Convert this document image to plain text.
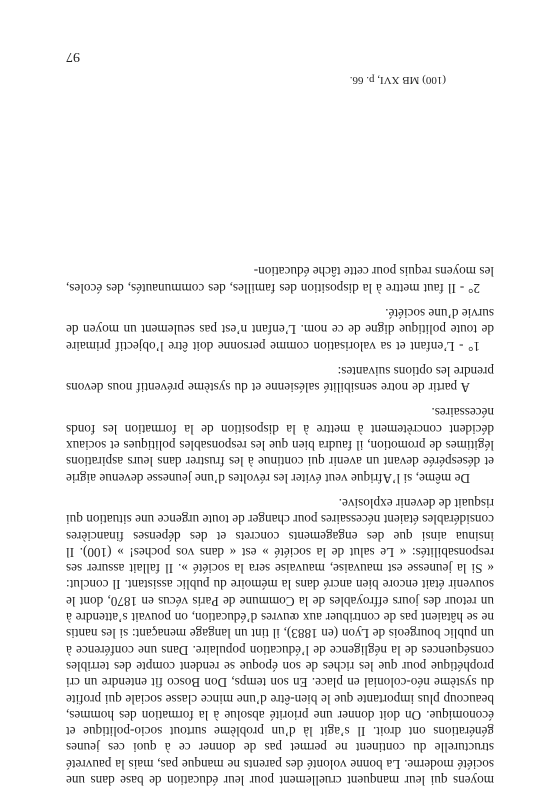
moyens qui leur manquent cruellement pour leur éducation de base dans une société moderne. La bonne volonté des parents ne manque pas, mais la pauvreté structurelle du continent ne permet pas de donner ce à quoi ces jeunes générations ont droit. Il s’agit là d’un problème surtout socio-politique et économique. On doit donner une priorité absolue à la formation des hommes, beaucoup plus importante que le bien-être d’une mince classe sociale qui profite du système néo-colonial en place. En son temps, Don Bosco fit entendre un cri prophétique pour que les riches de son époque se rendent compte des terribles conséquences de la négligence de l’éducation populaire. Dans une conférence à un public bourgeois de Lyon (en 1883), il tint un langage menaçant: si les nantis ne se hâtaient pas de contribuer aux œuvres d’éducation, on pouvait s’attendre à un retour des jours effroyables de la Commune de Paris vécus en 1870, dont le souvenir était encore bien ancré dans la mémoire du public assistant. Il conclut: « Si la jeunesse est mauvaise, mauvaise sera la société ». Il fallait assurer ses responsabilités: « Le salut de la société » est « dans vos poches! » (100). Il insinua ainsi que des engagements concrets et des dépenses financières considérables étaient nécessaires pour changer de toute urgence une situation qui risquait de devenir explosive.

De même, si l’Afrique veut éviter les révoltes d’une jeunesse devenue aigrie et désespérée devant un avenir qui continue à les frustrer dans leurs aspirations légitimes de promotion, il faudra bien que les responsables politiques et sociaux décident concrètement à mettre à la disposition de la formation les fonds nécessaires.

A partir de notre sensibilité salésienne et du système préventif nous devons prendre les options suivantes:

1° - L’enfant et sa valorisation comme personne doit être l’objectif primaire de toute politique digne de ce nom. L’enfant n’est pas seulement un moyen de survie d’une société.

2° - Il faut mettre à la disposition des familles, des communautés, des écoles, les moyens requis pour cette tâche éducation-

(100) MB XVI, p. 66.
97
